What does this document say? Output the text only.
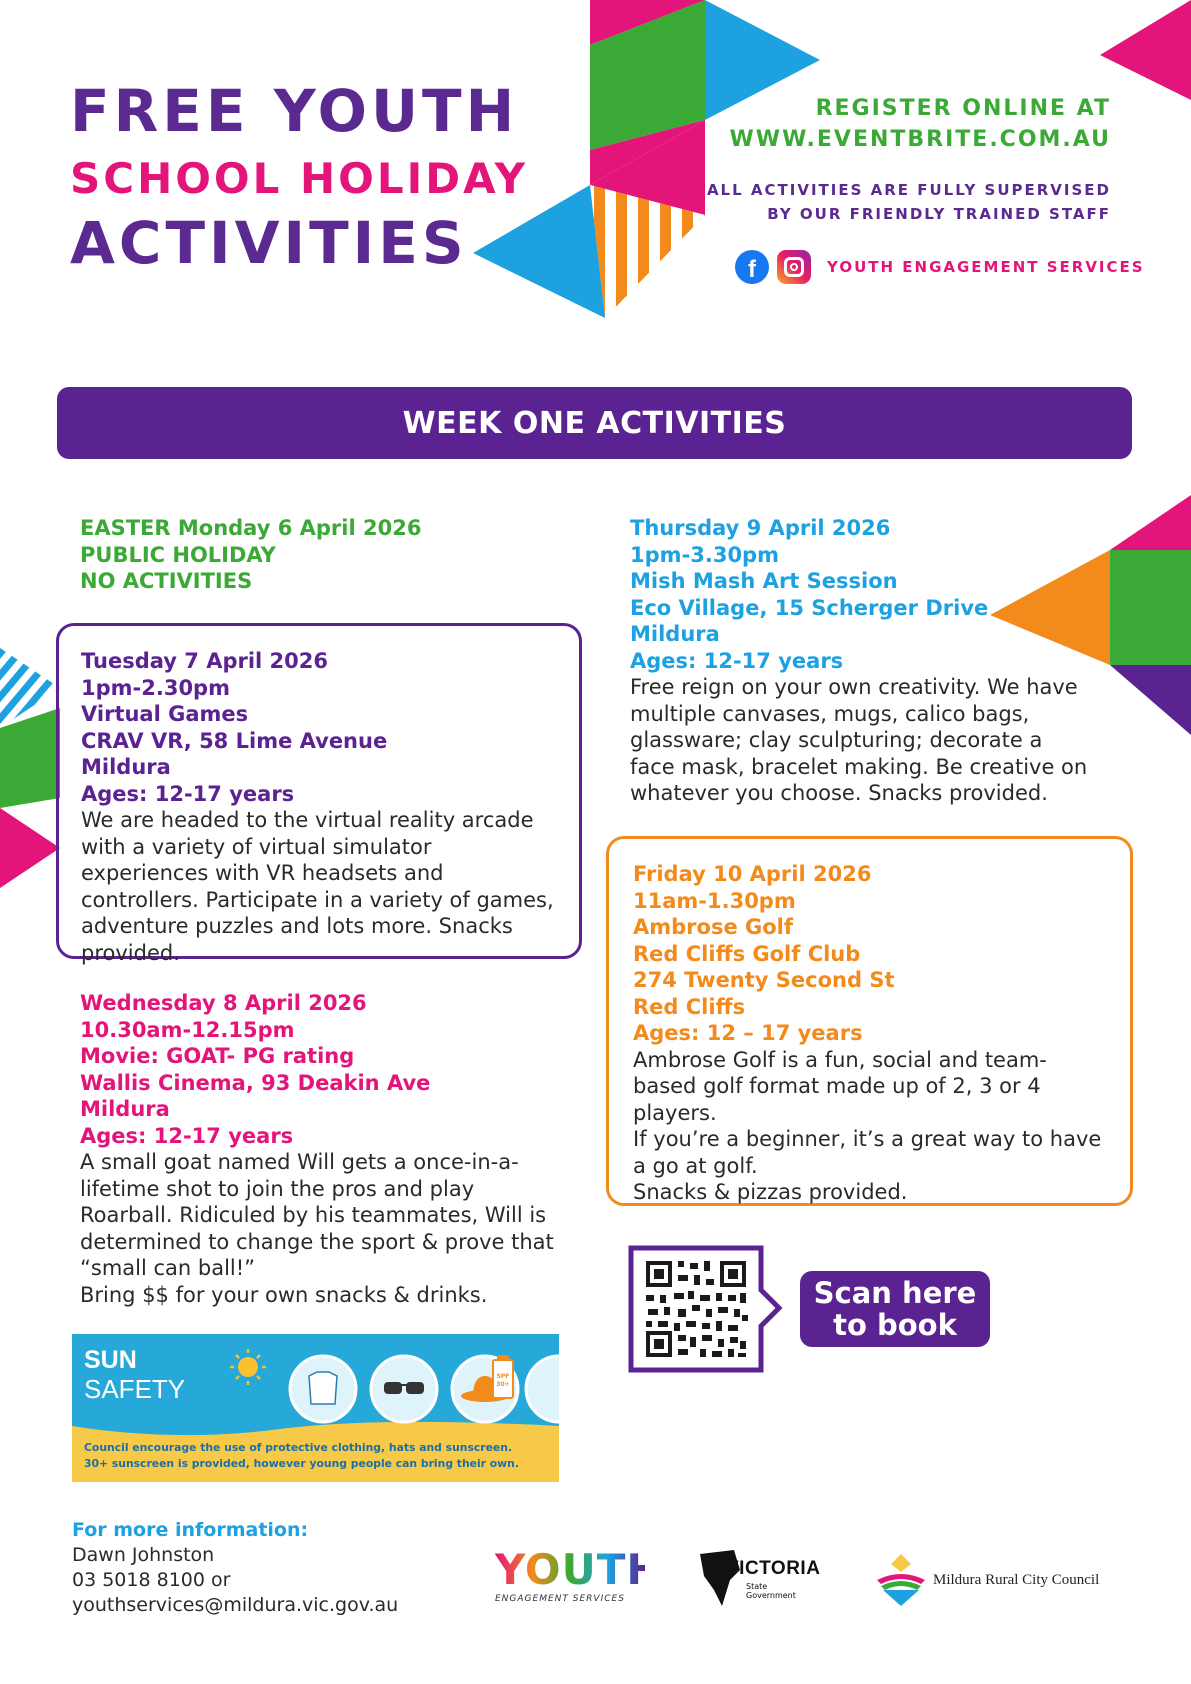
FREE YOUTH
SCHOOL HOLIDAY
ACTIVITIES
REGISTER ONLINE AT
WWW.EVENTBRITE.COM.AU
ALL ACTIVITIES ARE FULLY SUPERVISED
BY OUR FRIENDLY TRAINED STAFF
f	YOUTH ENGAGEMENT SERVICES
WEEK ONE ACTIVITIES

EASTER Monday 6 April 2026

PUBLIC HOLIDAY

NO ACTIVITIES

Tuesday 7 April 2026

1pm-2.30pm

Virtual Games

CRAV VR, 58 Lime Avenue

Mildura

Ages: 12-17 years

We are headed to the virtual reality arcade with a variety of virtual simulator experiences with VR headsets and controllers. Participate in a variety of games, adventure puzzles and lots more. Snacks provided.

Wednesday 8 April 2026

10.30am-12.15pm

Movie: GOAT- PG rating

Wallis Cinema, 93 Deakin Ave

Mildura

Ages: 12-17 years

A small goat named Will gets a once-in-a-lifetime shot to join the pros and play Roarball. Ridiculed by his teammates, Will is determined to change the sport & prove that “small can ball!”

Bring $$ for your own snacks & drinks.

Thursday 9 April 2026

1pm-3.30pm

Mish Mash Art Session

Eco Village, 15 Scherger Drive

Mildura

Ages: 12-17 years

Free reign on your own creativity. We have multiple canvases, mugs, calico bags, glassware; clay sculpturing; decorate a face mask, bracelet making. Be creative on whatever you choose. Snacks provided.

Friday 10 April 2026

11am-1.30pm

Ambrose Golf

Red Cliffs Golf Club

274 Twenty Second St

Red Cliffs

Ages: 12 – 17 years

Ambrose Golf is a fun, social and team-based golf format made up of 2, 3 or 4 players.

If you’re a beginner, it’s a great way to have a go at golf.

Snacks & pizzas provided.

Scan here
to book
SUN
SAFETY	SPF 30+
Council encourage the use of protective clothing, hats and sunscreen.
30+ sunscreen is provided, however young people can bring their own.
For more information:
Dawn Johnston
03 5018 8100 or
youthservices@mildura.vic.gov.au
YOUTH
ENGAGEMENT SERVICES
VICTORIA
State
Government
Mildura Rural City Council
